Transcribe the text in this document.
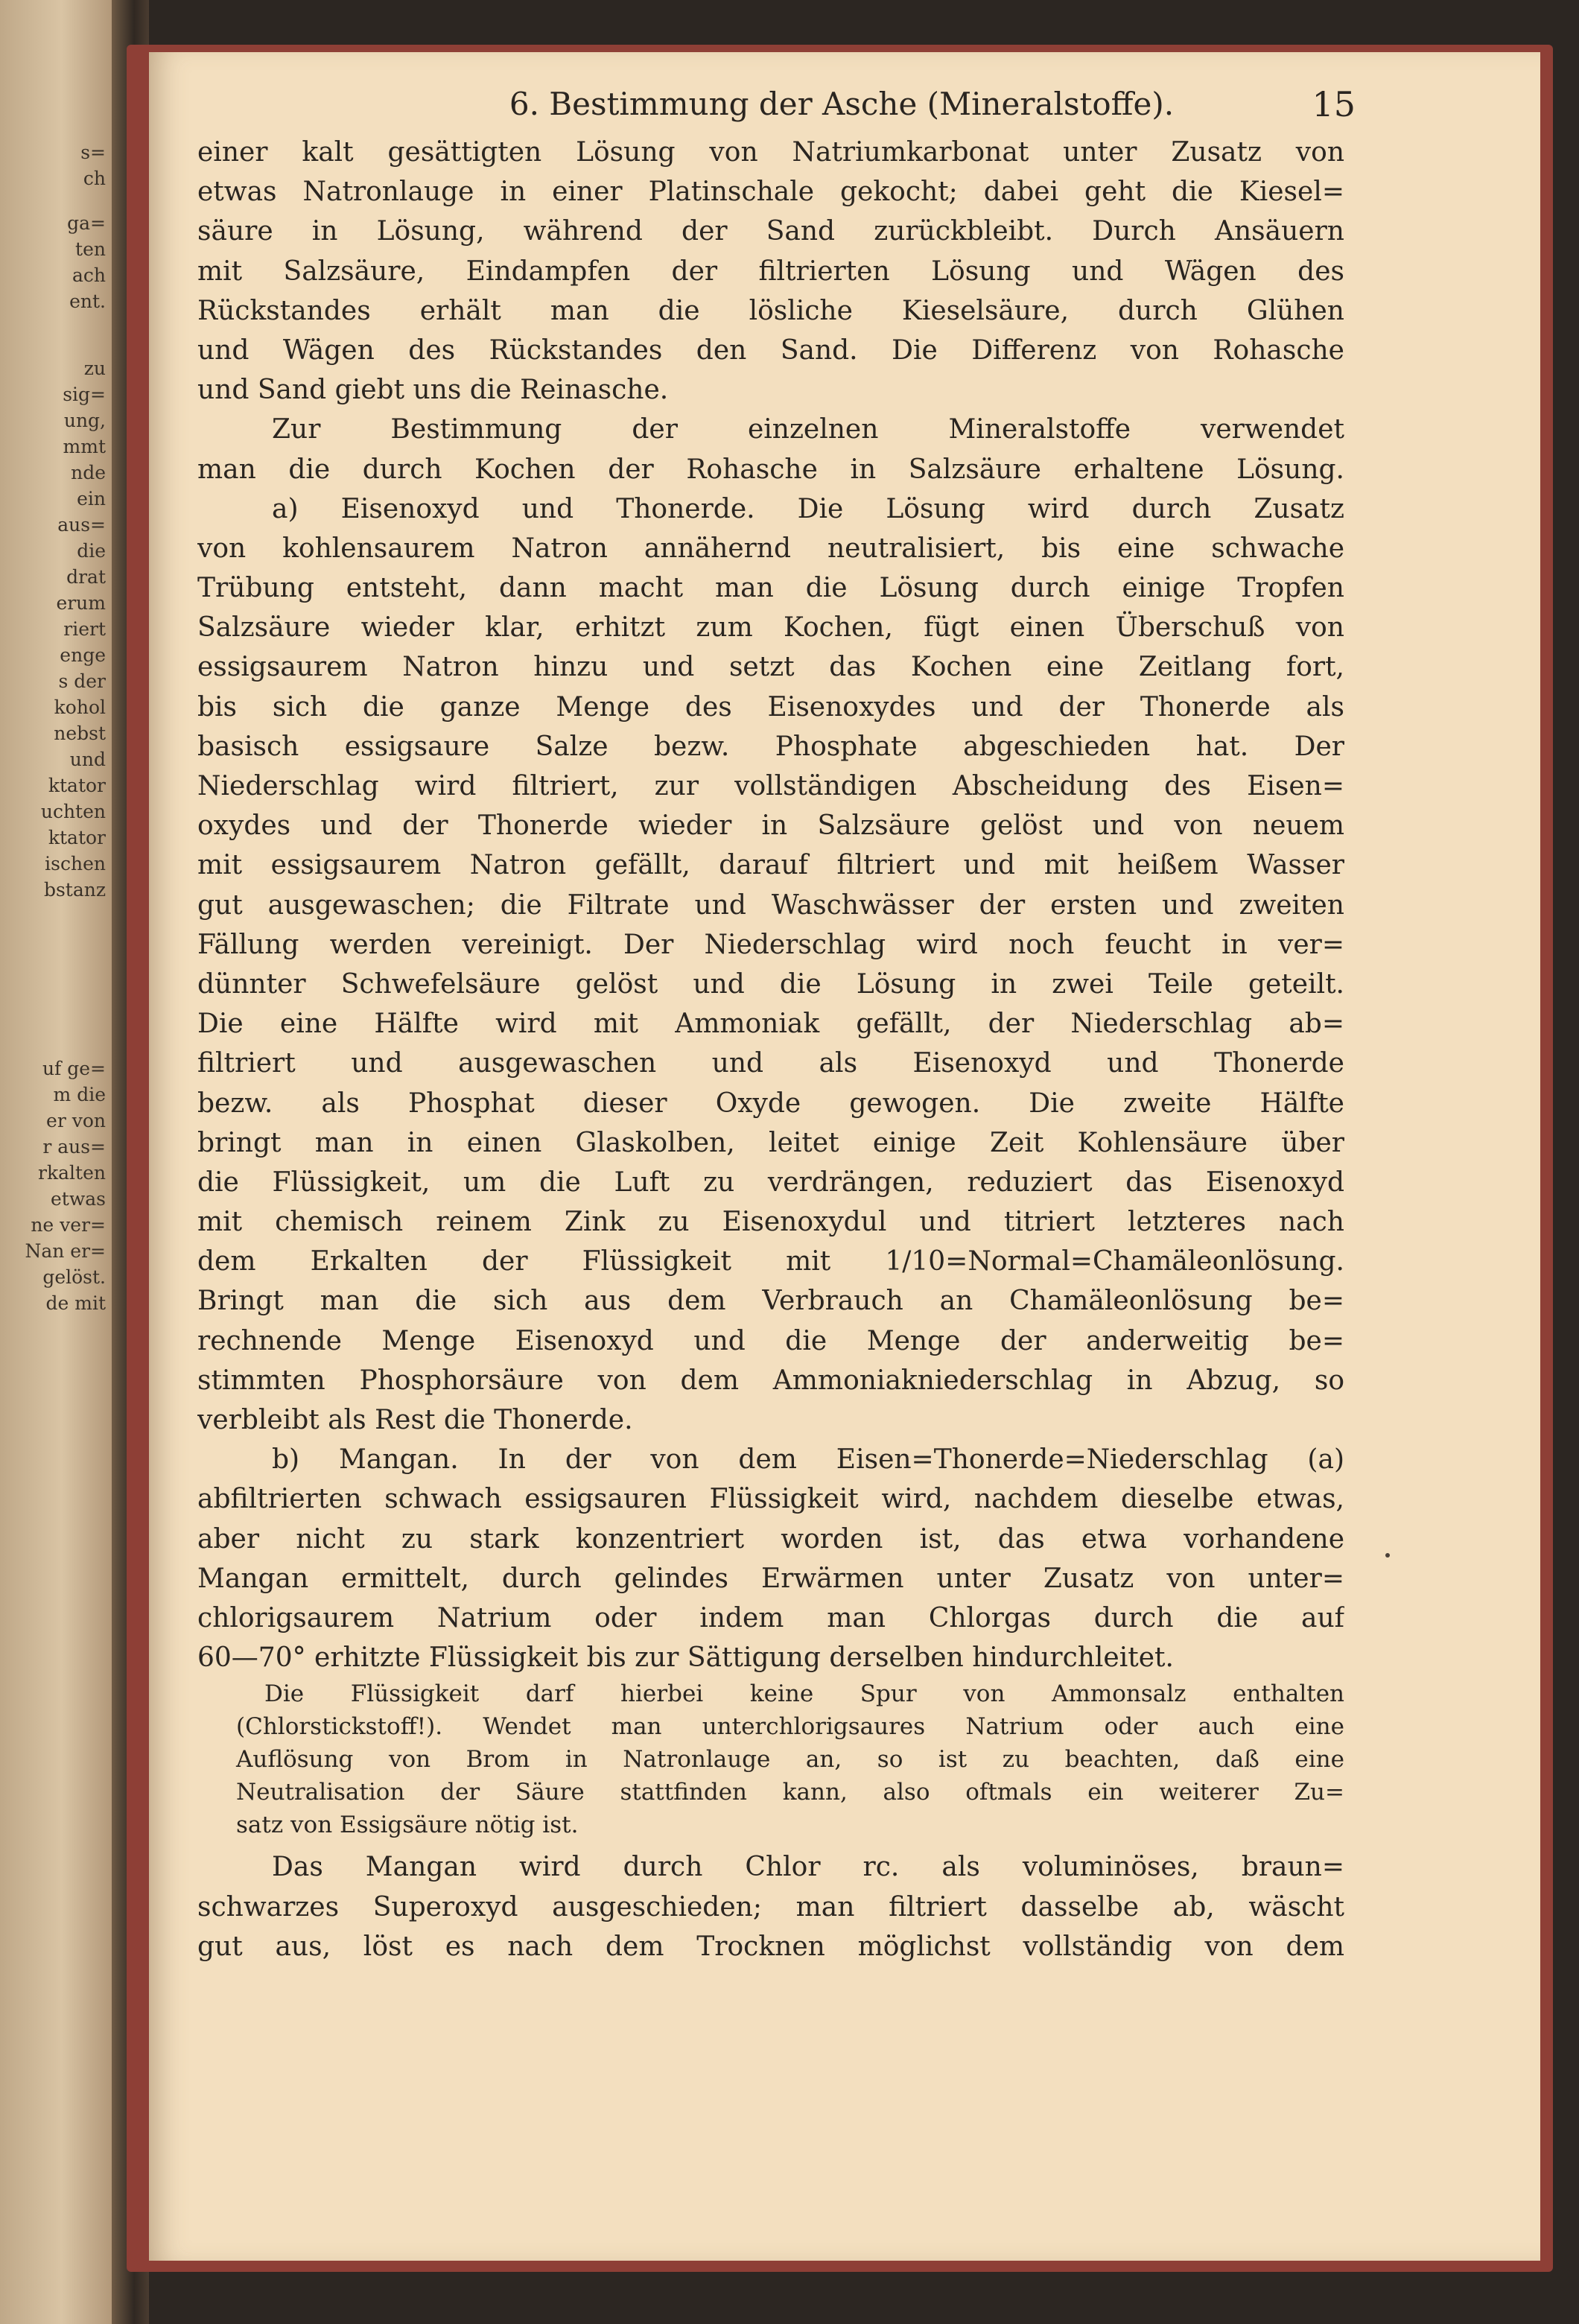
s=
ch
ga=
ten
ach
ent.
zu
sig=
ung,
mmt
nde
ein
aus=
die
drat
erum
riert
enge
s der
kohol
nebst
und
ktator
uchten
ktator
ischen
bstanz
uf ge=
m die
er von
r aus=
rkalten
etwas
ne ver=
Nan er=
gelöst.
de mit
6. Bestimmung der Asche (Mineralstoffe).	15
einer kalt gesättigten Lösung von Natriumkarbonat unter Zusatz von
etwas Natronlauge in einer Platinschale gekocht; dabei geht die Kiesel=
säure in Lösung, während der Sand zurückbleibt. Durch Ansäuern
mit Salzsäure, Eindampfen der filtrierten Lösung und Wägen des
Rückstandes erhält man die lösliche Kieselsäure, durch Glühen
und Wägen des Rückstandes den Sand. Die Differenz von Rohasche
und Sand giebt uns die Reinasche.
Zur Bestimmung der einzelnen Mineralstoffe verwendet
man die durch Kochen der Rohasche in Salzsäure erhaltene Lösung.
a) Eisenoxyd und Thonerde. Die Lösung wird durch Zusatz
von kohlensaurem Natron annähernd neutralisiert, bis eine schwache
Trübung entsteht, dann macht man die Lösung durch einige Tropfen
Salzsäure wieder klar, erhitzt zum Kochen, fügt einen Überschuß von
essigsaurem Natron hinzu und setzt das Kochen eine Zeitlang fort,
bis sich die ganze Menge des Eisenoxydes und der Thonerde als
basisch essigsaure Salze bezw. Phosphate abgeschieden hat. Der
Niederschlag wird filtriert, zur vollständigen Abscheidung des Eisen=
oxydes und der Thonerde wieder in Salzsäure gelöst und von neuem
mit essigsaurem Natron gefällt, darauf filtriert und mit heißem Wasser
gut ausgewaschen; die Filtrate und Waschwässer der ersten und zweiten
Fällung werden vereinigt. Der Niederschlag wird noch feucht in ver=
dünnter Schwefelsäure gelöst und die Lösung in zwei Teile geteilt.
Die eine Hälfte wird mit Ammoniak gefällt, der Niederschlag ab=
filtriert und ausgewaschen und als Eisenoxyd und Thonerde
bezw. als Phosphat dieser Oxyde gewogen. Die zweite Hälfte
bringt man in einen Glaskolben, leitet einige Zeit Kohlensäure über
die Flüssigkeit, um die Luft zu verdrängen, reduziert das Eisenoxyd
mit chemisch reinem Zink zu Eisenoxydul und titriert letzteres nach
dem Erkalten der Flüssigkeit mit 1/10=Normal=Chamäleonlösung.
Bringt man die sich aus dem Verbrauch an Chamäleonlösung be=
rechnende Menge Eisenoxyd und die Menge der anderweitig be=
stimmten Phosphorsäure von dem Ammoniakniederschlag in Abzug, so
verbleibt als Rest die Thonerde.
b) Mangan. In der von dem Eisen=Thonerde=Niederschlag (a)
abfiltrierten schwach essigsauren Flüssigkeit wird, nachdem dieselbe etwas,
aber nicht zu stark konzentriert worden ist, das etwa vorhandene
Mangan ermittelt, durch gelindes Erwärmen unter Zusatz von unter=
chlorigsaurem Natrium oder indem man Chlorgas durch die auf
60—70° erhitzte Flüssigkeit bis zur Sättigung derselben hindurchleitet.
Die Flüssigkeit darf hierbei keine Spur von Ammonsalz enthalten
(Chlorstickstoff!). Wendet man unterchlorigsaures Natrium oder auch eine
Auflösung von Brom in Natronlauge an, so ist zu beachten, daß eine
Neutralisation der Säure stattfinden kann, also oftmals ein weiterer Zu=
satz von Essigsäure nötig ist.
Das Mangan wird durch Chlor rc. als voluminöses, braun=
schwarzes Superoxyd ausgeschieden; man filtriert dasselbe ab, wäscht
gut aus, löst es nach dem Trocknen möglichst vollständig von dem
